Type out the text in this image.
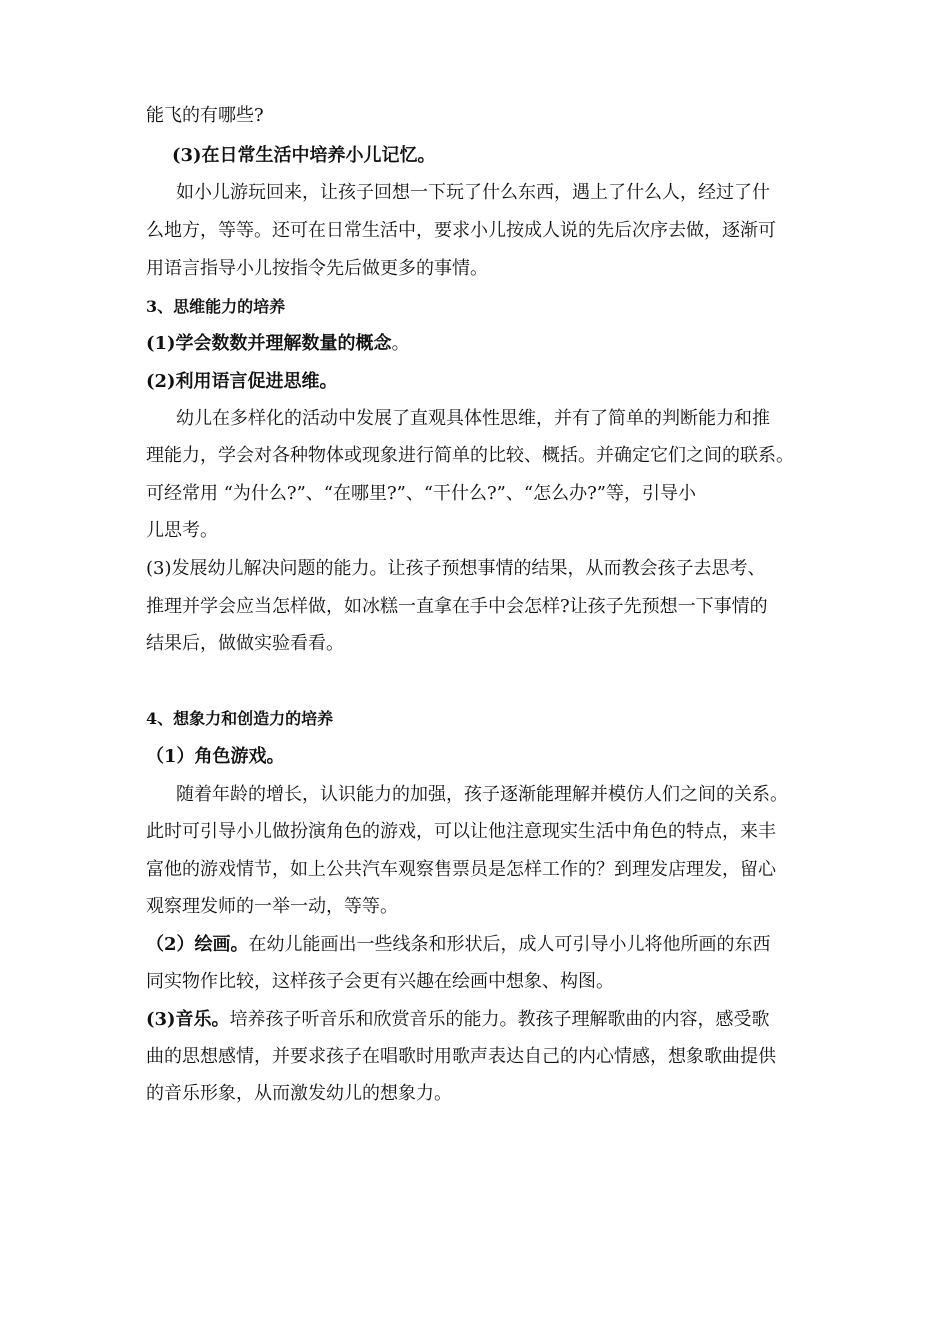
能飞的有哪些?
(3)在日常生活中培养小儿记忆。
如小儿游玩回来，让孩子回想一下玩了什么东西，遇上了什么人，经过了什
么地方，等等。还可在日常生活中，要求小儿按成人说的先后次序去做，逐渐可
用语言指导小儿按指令先后做更多的事情。
3、思维能力的培养
(1)学会数数并理解数量的概念。
(2)利用语言促进思维。
幼儿在多样化的活动中发展了直观具体性思维，并有了简单的判断能力和推
理能力，学会对各种物体或现象进行简单的比较、概括。并确定它们之间的联系。
可经常用 “为什么?”、“在哪里?”、“干什么?”、“怎么办?”等，引导小
儿思考。
(3)发展幼儿解决问题的能力。让孩子预想事情的结果，从而教会孩子去思考、
推理并学会应当怎样做，如冰糕一直拿在手中会怎样?让孩子先预想一下事情的
结果后，做做实验看看。
4、想象力和创造力的培养
（1）角色游戏。
随着年龄的增长，认识能力的加强，孩子逐渐能理解并模仿人们之间的关系。
此时可引导小儿做扮演角色的游戏，可以让他注意现实生活中角色的特点，来丰
富他的游戏情节，如上公共汽车观察售票员是怎样工作的？到理发店理发，留心
观察理发师的一举一动，等等。
（2）绘画。在幼儿能画出一些线条和形状后，成人可引导小儿将他所画的东西
同实物作比较，这样孩子会更有兴趣在绘画中想象、构图。
(3)音乐。培养孩子听音乐和欣赏音乐的能力。教孩子理解歌曲的内容，感受歌
曲的思想感情，并要求孩子在唱歌时用歌声表达自己的内心情感，想象歌曲提供
的音乐形象，从而激发幼儿的想象力。
